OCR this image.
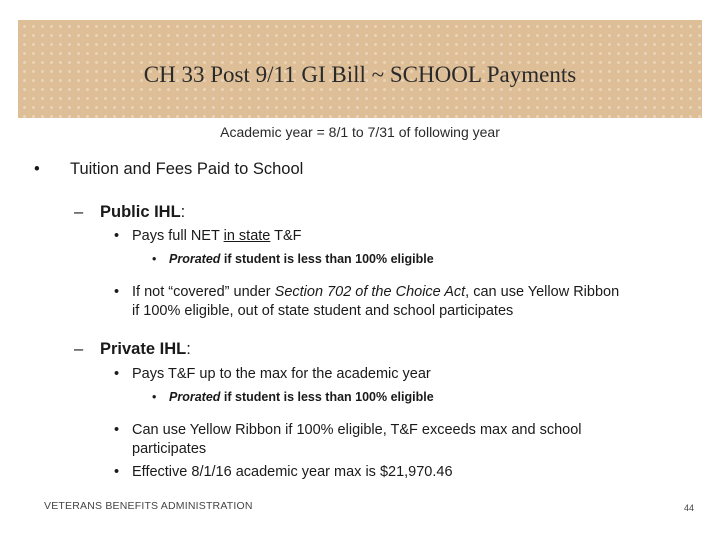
CH 33 Post 9/11 GI Bill ~ SCHOOL Payments
Academic year = 8/1 to 7/31 of following year
• Tuition and Fees Paid to School
– Public IHL:
• Pays full NET in state T&F
• Prorated if student is less than 100% eligible
• If not “covered” under Section 702 of the Choice Act, can use Yellow Ribbon
if 100% eligible, out of state student and school participates
– Private IHL:
• Pays T&F up to the max for the academic year
• Prorated if student is less than 100% eligible
• Can use Yellow Ribbon if 100% eligible, T&F exceeds max and school
participates
• Effective 8/1/16 academic year max is $21,970.46
VETERANS BENEFITS ADMINISTRATION	44
